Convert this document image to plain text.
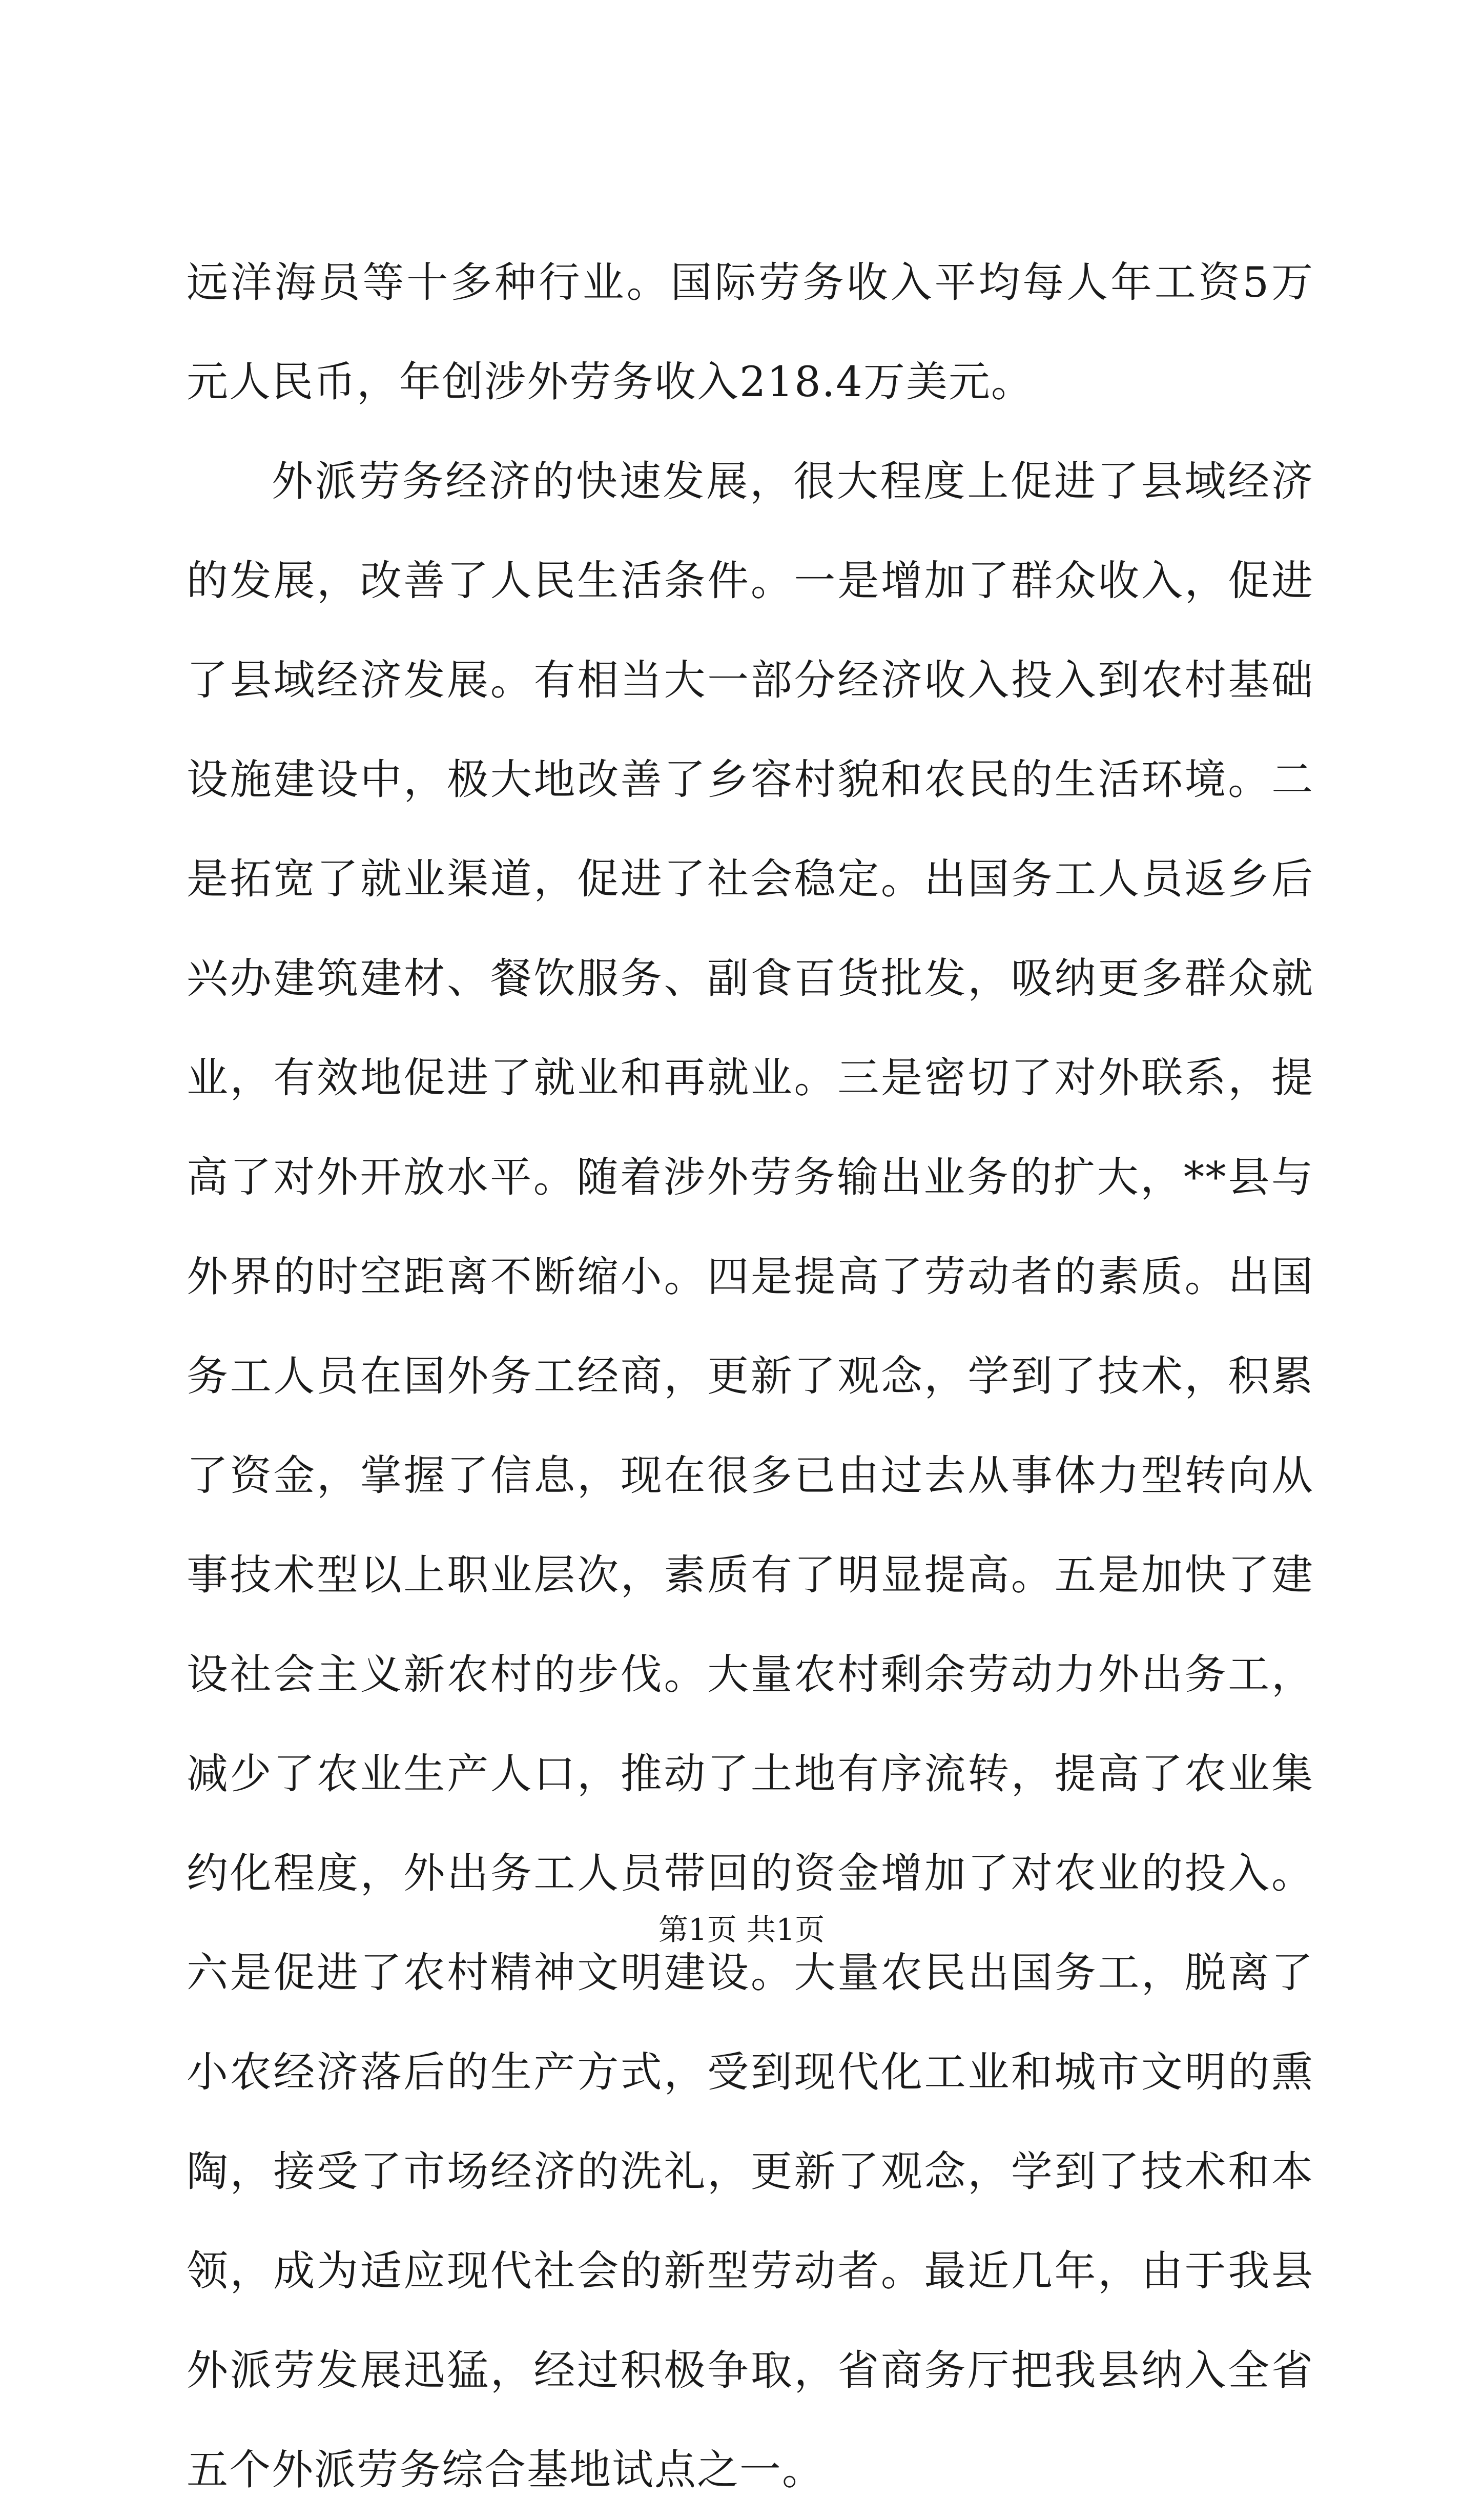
远洋海员等十多种行业。国际劳务收入平均每人年工资5万元人民币，年创涉外劳务收入218.4万美元。

外派劳务经济的快速发展，很大程度上促进了县域经济的发展，改善了人民生活条件。一是增加了群众收入，促进了县域经济发展。有相当大一部分经济收入投入到农村基础设施建设中，极大地改善了乡容村貌和农民的生活环境。二是拓宽了就业渠道，促进了社会稳定。出国务工人员返乡后兴办建筑建材、餐饮服务、副食百货批发，吸纳更多群众就业，有效地促进了就业和再就业。三是密切了对外联系，提高了对外开放水平。随着涉外劳务输出业务的扩大，**县与外界的时空距离不断缩小。四是提高了劳动者的素质。出国务工人员在国外务工经商，更新了观念，学到了技术，积累了资金，掌握了信息，现在很多已由过去从事体力型转向从事技术型以上职业层次，素质有了明显提高。五是加快了建设社会主义新农村的步伐。大量农村剩余劳动力外出务工，减少了农业生产人口，推动了土地有序流转，提高了农业集约化程度，外出务工人员带回的资金增加了对农业的投入。六是促进了农村精神文明建设。大量农民出国务工，脱离了小农经济落后的生产方式，受到现代化工业和城市文明的熏陶，接受了市场经济的洗礼，更新了观念，学到了技术和本领，成为适应现代社会的新型劳动者。最近几年，由于我县外派劳发展迅猛，经过积极争取，省商务厅把我县纳入全省五个外派劳务综合基地试点之一。

第1页 共1页
